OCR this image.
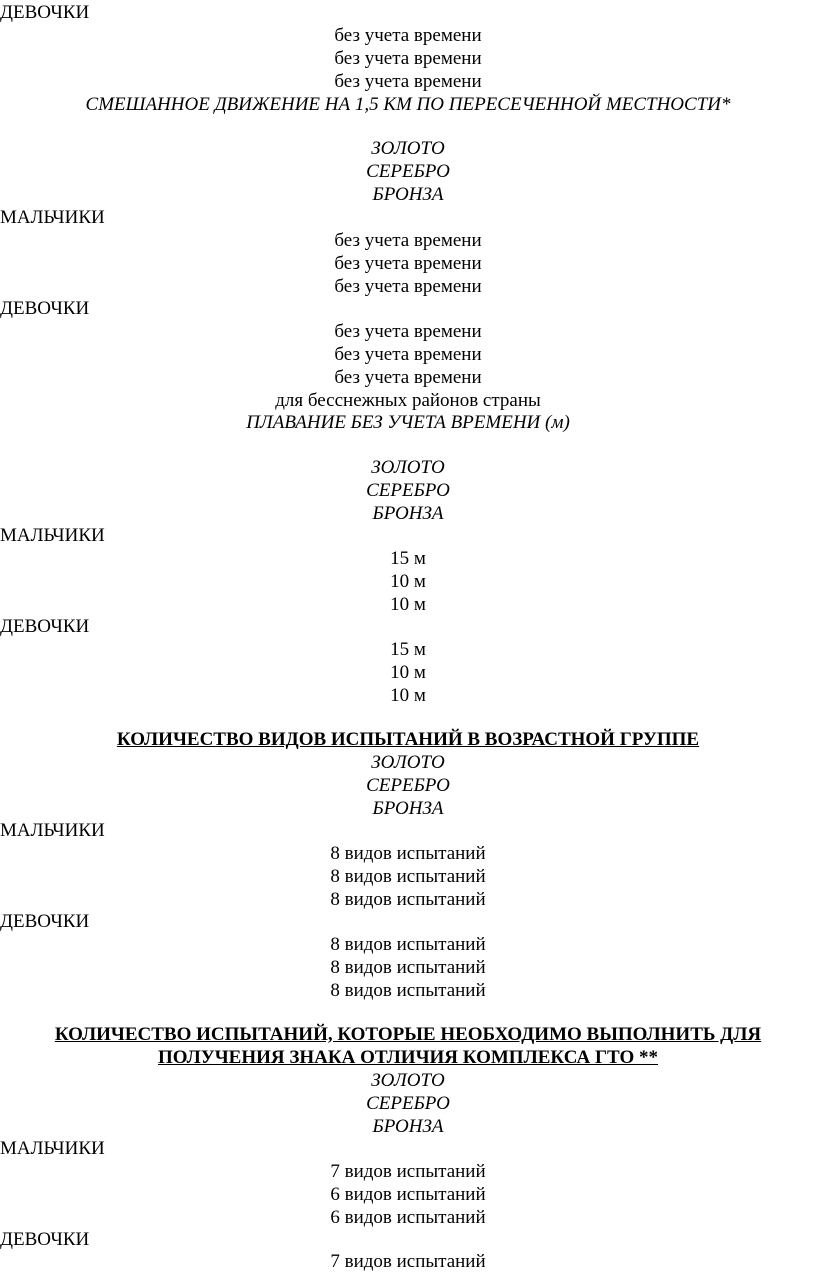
ДЕВОЧКИ
без учета времени
без учета времени
без учета времени
СМЕШАННОЕ ДВИЖЕНИЕ НА 1,5 КМ ПО ПЕРЕСЕЧЕННОЙ МЕСТНОСТИ*
ЗОЛОТО
СЕРЕБРО
БРОНЗА
МАЛЬЧИКИ
без учета времени
без учета времени
без учета времени
ДЕВОЧКИ
без учета времени
без учета времени
без учета времени
для бесснежных районов страны
ПЛАВАНИЕ БЕЗ УЧЕТА ВРЕМЕНИ (м)
ЗОЛОТО
СЕРЕБРО
БРОНЗА
МАЛЬЧИКИ
15 м
10 м
10 м
ДЕВОЧКИ
15 м
10 м
10 м
КОЛИЧЕСТВО ВИДОВ ИСПЫТАНИЙ В ВОЗРАСТНОЙ ГРУППЕ
ЗОЛОТО
СЕРЕБРО
БРОНЗА
МАЛЬЧИКИ
8 видов испытаний
8 видов испытаний
8 видов испытаний
ДЕВОЧКИ
8 видов испытаний
8 видов испытаний
8 видов испытаний
КОЛИЧЕСТВО ИСПЫТАНИЙ, КОТОРЫЕ НЕОБХОДИМО ВЫПОЛНИТЬ ДЛЯ
ПОЛУЧЕНИЯ ЗНАКА ОТЛИЧИЯ КОМПЛЕКСА ГТО **
ЗОЛОТО
СЕРЕБРО
БРОНЗА
МАЛЬЧИКИ
7 видов испытаний
6 видов испытаний
6 видов испытаний
ДЕВОЧКИ
7 видов испытаний
